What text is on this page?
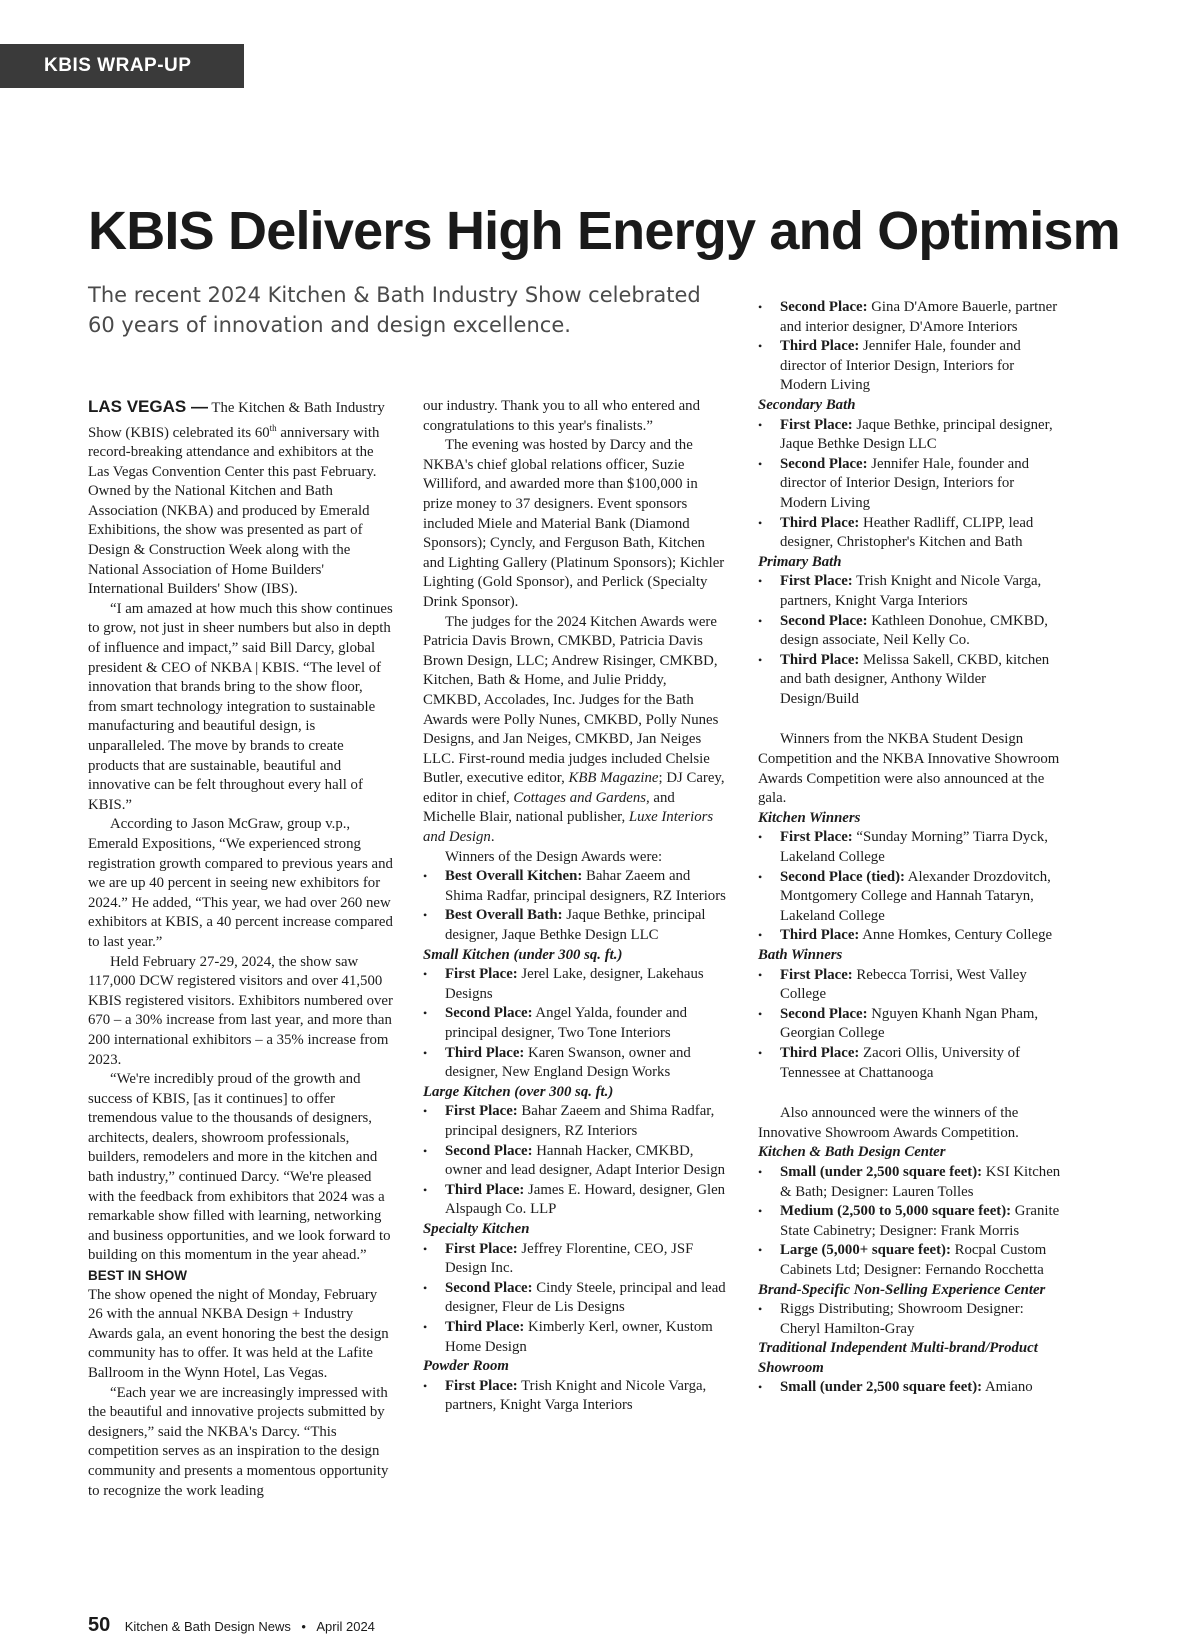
KBIS WRAP-UP
KBIS Delivers High Energy and Optimism
The recent 2024 Kitchen & Bath Industry Show celebrated 60 years of innovation and design excellence.

LAS VEGAS — The Kitchen & Bath Industry Show (KBIS) celebrated its 60th anniversary with record-breaking attendance and exhibitors at the Las Vegas Convention Center this past February. Owned by the National Kitchen and Bath Association (NKBA) and produced by Emerald Exhibitions, the show was presented as part of Design & Construction Week along with the National Association of Home Builders' International Builders' Show (IBS).

“I am amazed at how much this show continues to grow, not just in sheer numbers but also in depth of influence and impact,” said Bill Darcy, global president & CEO of NKBA | KBIS. “The level of innovation that brands bring to the show floor, from smart technology integration to sustainable manufacturing and beautiful design, is unparalleled. The move by brands to create products that are sustainable, beautiful and innovative can be felt throughout every hall of KBIS.”

According to Jason McGraw, group v.p., Emerald Expositions, “We experienced strong registration growth compared to previous years and we are up 40 percent in seeing new exhibitors for 2024.” He added, “This year, we had over 260 new exhibitors at KBIS, a 40 percent increase compared to last year.”

Held February 27-29, 2024, the show saw 117,000 DCW registered visitors and over 41,500 KBIS registered visitors. Exhibitors numbered over 670 – a 30% increase from last year, and more than 200 international exhibitors – a 35% increase from 2023.

“We're incredibly proud of the growth and success of KBIS, [as it continues] to offer tremendous value to the thousands of designers, architects, dealers, showroom professionals, builders, remodelers and more in the kitchen and bath industry,” continued Darcy. “We're pleased with the feedback from exhibitors that 2024 was a remarkable show filled with learning, networking and business opportunities, and we look forward to building on this momentum in the year ahead.”

BEST IN SHOW

The show opened the night of Monday, February 26 with the annual NKBA Design + Industry Awards gala, an event honoring the best the design community has to offer. It was held at the Lafite Ballroom in the Wynn Hotel, Las Vegas.

“Each year we are increasingly impressed with the beautiful and innovative projects submitted by designers,” said the NKBA's Darcy. “This competition serves as an inspiration to the design community and presents a momentous opportunity to recognize the work leading

our industry. Thank you to all who entered and congratulations to this year's finalists.”

The evening was hosted by Darcy and the NKBA's chief global relations officer, Suzie Williford, and awarded more than $100,000 in prize money to 37 designers. Event sponsors included Miele and Material Bank (Diamond Sponsors); Cyncly, and Ferguson Bath, Kitchen and Lighting Gallery (Platinum Sponsors); Kichler Lighting (Gold Sponsor), and Perlick (Specialty Drink Sponsor).

The judges for the 2024 Kitchen Awards were Patricia Davis Brown, CMKBD, Patricia Davis Brown Design, LLC; Andrew Risinger, CMKBD, Kitchen, Bath & Home, and Julie Priddy, CMKBD, Accolades, Inc. Judges for the Bath Awards were Polly Nunes, CMKBD, Polly Nunes Designs, and Jan Neiges, CMKBD, Jan Neiges LLC. First-round media judges included Chelsie Butler, executive editor, KBB Magazine; DJ Carey, editor in chief, Cottages and Gardens, and Michelle Blair, national publisher, Luxe Interiors and Design.

Winners of the Design Awards were:

• Best Overall Kitchen: Bahar Zaeem and Shima Radfar, principal designers, RZ Interiors
• Best Overall Bath: Jaque Bethke, principal designer, Jaque Bethke Design LLC

Small Kitchen (under 300 sq. ft.)

• First Place: Jerel Lake, designer, Lakehaus Designs
• Second Place: Angel Yalda, founder and principal designer, Two Tone Interiors
• Third Place: Karen Swanson, owner and designer, New England Design Works

Large Kitchen (over 300 sq. ft.)

• First Place: Bahar Zaeem and Shima Radfar, principal designers, RZ Interiors
• Second Place: Hannah Hacker, CMKBD, owner and lead designer, Adapt Interior Design
• Third Place: James E. Howard, designer, Glen Alspaugh Co. LLP

Specialty Kitchen

• First Place: Jeffrey Florentine, CEO, JSF Design Inc.
• Second Place: Cindy Steele, principal and lead designer, Fleur de Lis Designs
• Third Place: Kimberly Kerl, owner, Kustom Home Design

Powder Room

• First Place: Trish Knight and Nicole Varga, partners, Knight Varga Interiors
• Second Place: Gina D'Amore Bauerle, partner and interior designer, D'Amore Interiors
• Third Place: Jennifer Hale, founder and director of Interior Design, Interiors for Modern Living

Secondary Bath

• First Place: Jaque Bethke, principal designer, Jaque Bethke Design LLC
• Second Place: Jennifer Hale, founder and director of Interior Design, Interiors for Modern Living
• Third Place: Heather Radliff, CLIPP, lead designer, Christopher's Kitchen and Bath

Primary Bath

• First Place: Trish Knight and Nicole Varga, partners, Knight Varga Interiors
• Second Place: Kathleen Donohue, CMKBD, design associate, Neil Kelly Co.
• Third Place: Melissa Sakell, CKBD, kitchen and bath designer, Anthony Wilder Design/Build

Winners from the NKBA Student Design Competition and the NKBA Innovative Showroom Awards Competition were also announced at the gala.

Kitchen Winners

• First Place: “Sunday Morning” Tiarra Dyck, Lakeland College
• Second Place (tied): Alexander Drozdovitch, Montgomery College and Hannah Tataryn, Lakeland College
• Third Place: Anne Homkes, Century College

Bath Winners

• First Place: Rebecca Torrisi, West Valley College
• Second Place: Nguyen Khanh Ngan Pham, Georgian College
• Third Place: Zacori Ollis, University of Tennessee at Chattanooga

Also announced were the winners of the Innovative Showroom Awards Competition.

Kitchen & Bath Design Center

• Small (under 2,500 square feet): KSI Kitchen & Bath; Designer: Lauren Tolles
• Medium (2,500 to 5,000 square feet): Granite State Cabinetry; Designer: Frank Morris
• Large (5,000+ square feet): Rocpal Custom Cabinets Ltd; Designer: Fernando Rocchetta

Brand-Specific Non-Selling Experience Center

• Riggs Distributing; Showroom Designer: Cheryl Hamilton-Gray

Traditional Independent Multi-brand/Product Showroom

• Small (under 2,500 square feet): Amiano
50 Kitchen & Bath Design News • April 2024
